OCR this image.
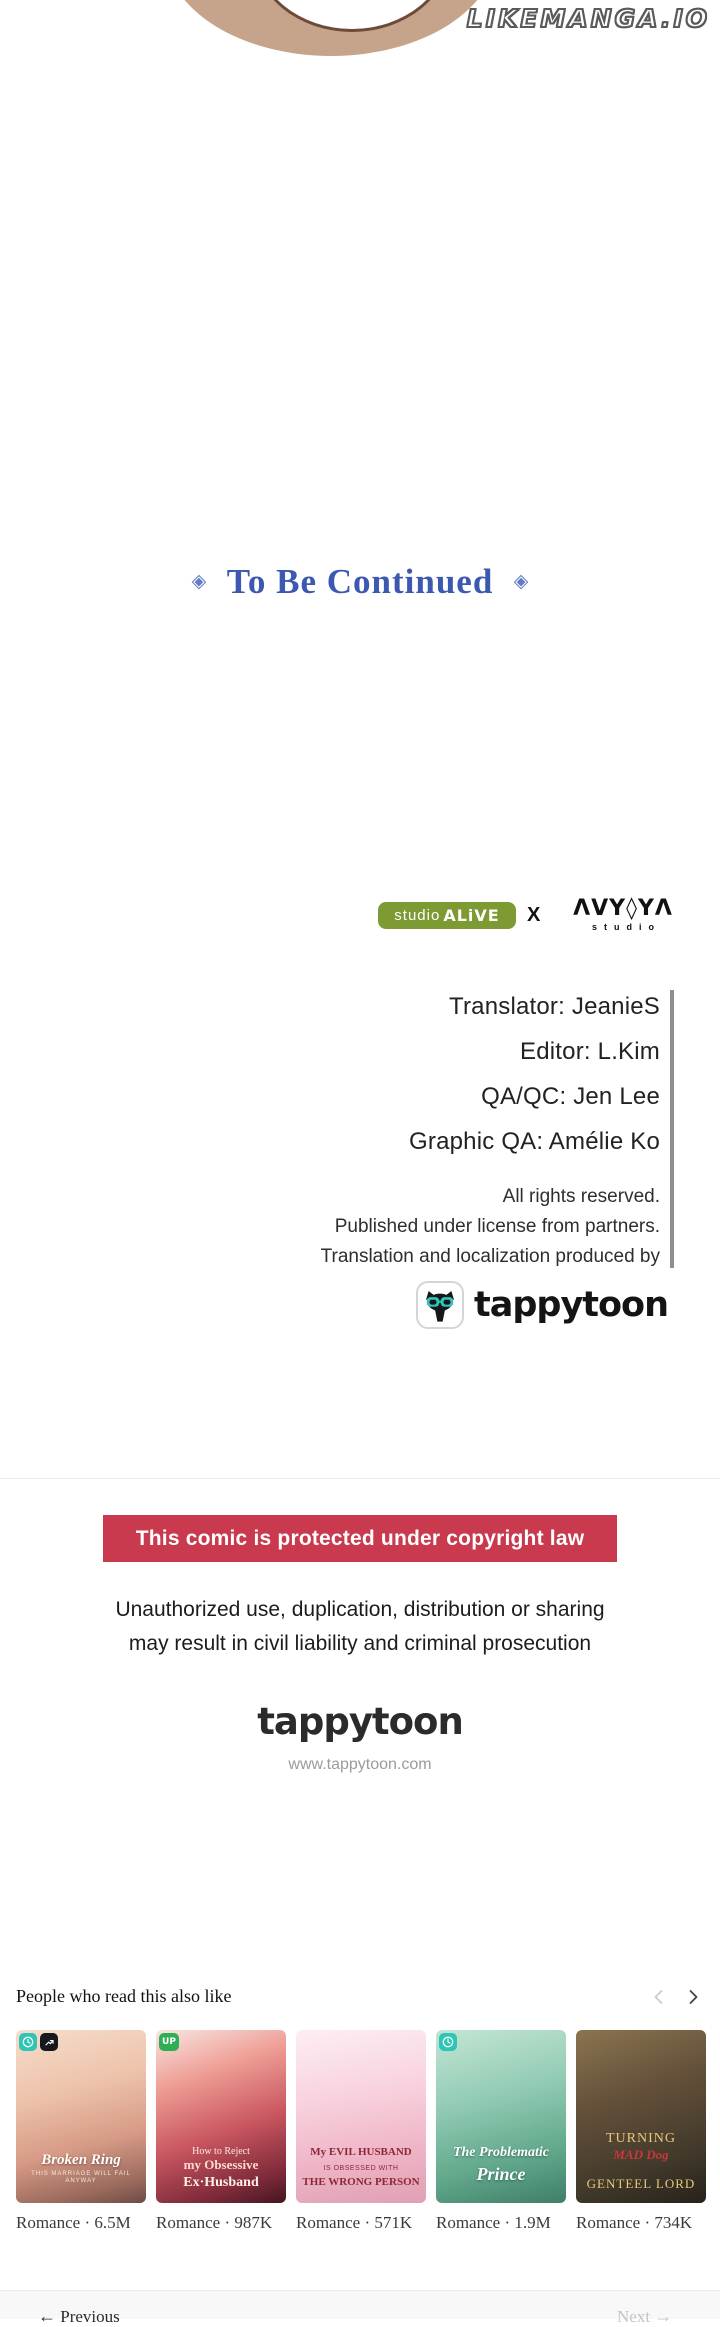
LIKEMANGA.IO
◈ To Be Continued ◈
studio ALiVE X	ΛVY◊YΛ
studio
Translator: JeanieS
Editor: L.Kim
QA/QC: Jen Lee
Graphic QA: Amélie Ko
All rights reserved.
Published under license from partners.
Translation and localization produced by
tappytoon
This comic is protected under copyright law
Unauthorized use, duplication, distribution or sharing
may result in civil liability and criminal prosecution
tappytoon
www.tappytoon.com
People who read this also like
Broken Ring
THIS MARRIAGE WILL FAIL ANYWAY
Romance · 6.5M
UP
How to Reject
my Obsessive
Ex·Husband
Romance · 987K
My EVIL HUSBAND
IS OBSESSED WITH
THE WRONG PERSON
Romance · 571K
The Problematic
Prince
Romance · 1.9M
TURNING
MAD Dog
GENTEEL LORD
Romance · 734K
← Previous	Next →
